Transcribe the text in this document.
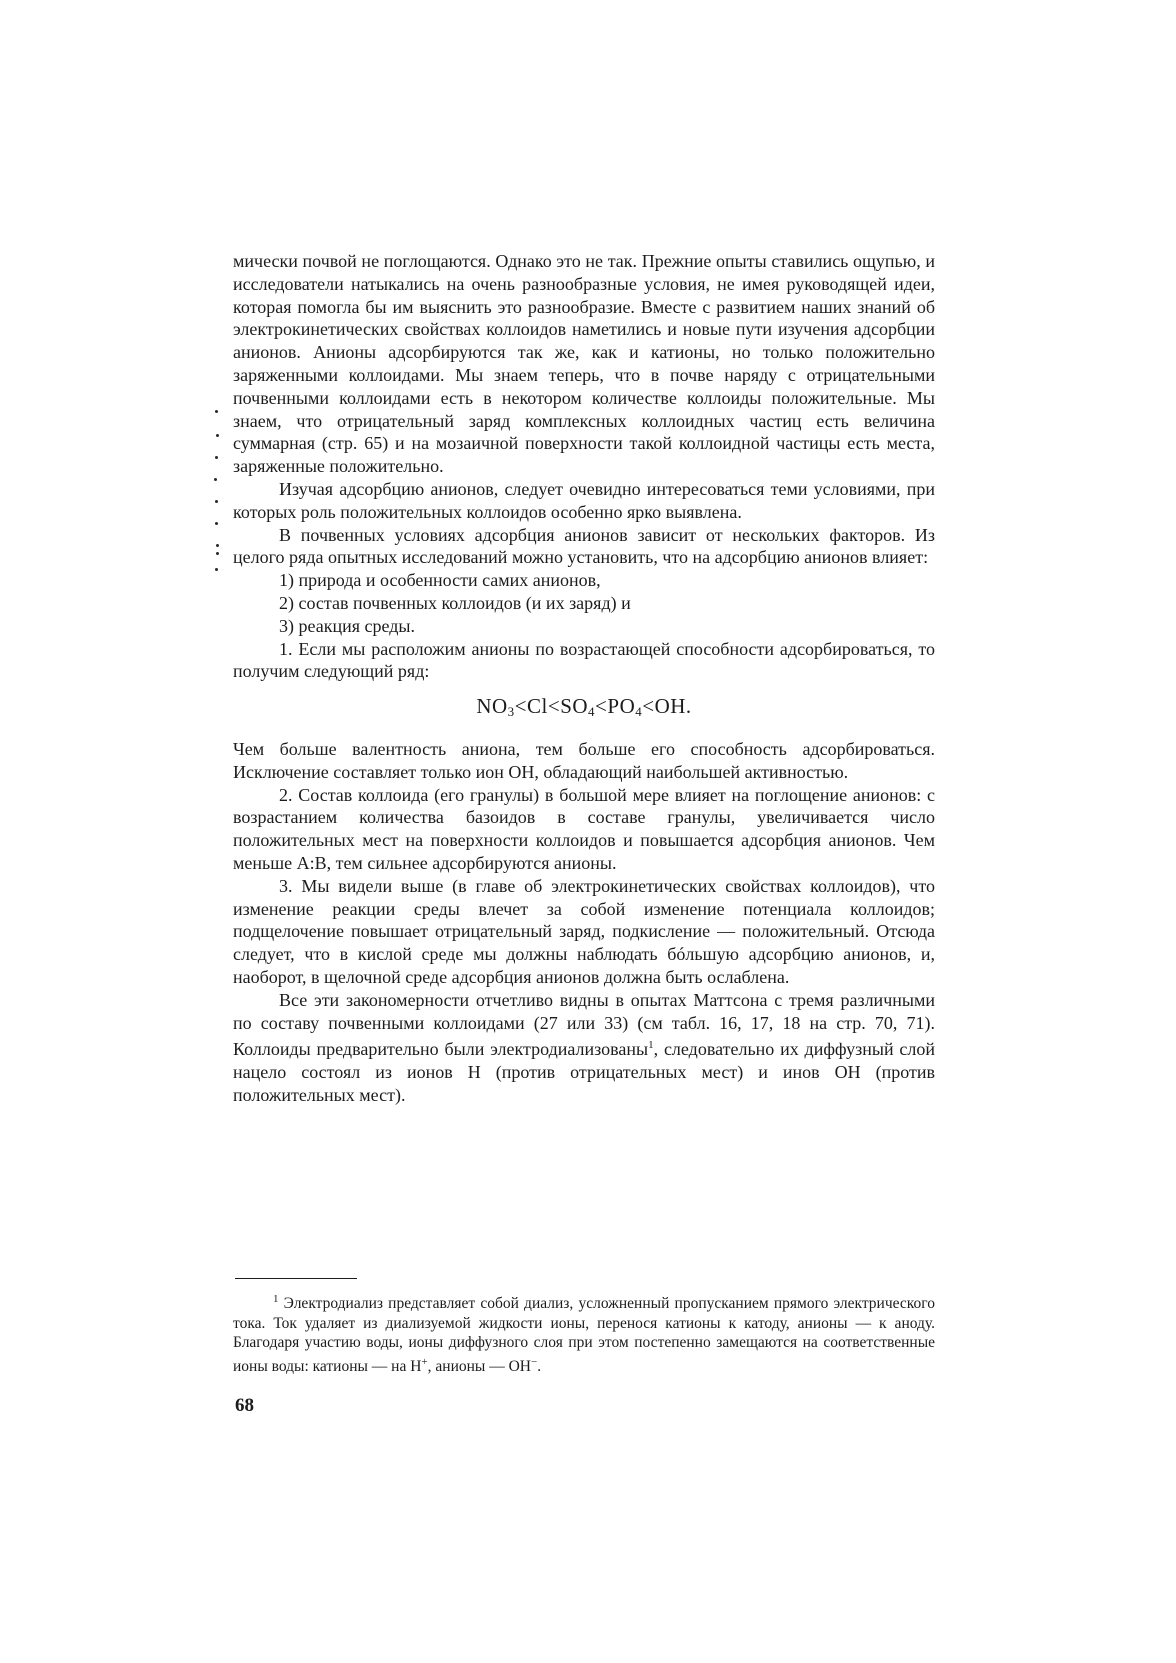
мически почвой не поглощаются. Однако это не так. Прежние опыты ставились ощупью, и исследователи натыкались на очень разнообразные условия, не имея руководящей идеи, которая помогла бы им выяснить это разнообразие. Вместе с развитием наших знаний об электрокинетических свойствах коллоидов наметились и новые пути изучения адсорбции анионов. Анионы адсорбируются так же, как и катионы, но только положительно заряженными коллоидами. Мы знаем теперь, что в почве наряду с отрицательными почвенными коллоидами есть в некотором количестве коллоиды положительные. Мы знаем, что отрицательный заряд комплексных коллоидных частиц есть величина суммарная (стр. 65) и на мозаичной поверхности такой коллоидной частицы есть места, заряженные положительно.

Изучая адсорбцию анионов, следует очевидно интересоваться теми условиями, при которых роль положительных коллоидов особенно ярко выявлена.

В почвенных условиях адсорбция анионов зависит от нескольких факторов. Из целого ряда опытных исследований можно установить, что на адсорбцию анионов влияет:

1) природа и особенности самих анионов,

2) состав почвенных коллоидов (и их заряд) и

3) реакция среды.

1. Если мы расположим анионы по возрастающей способности адсорбироваться, то получим следующий ряд:

$NO_3<Cl<SO_4<PO_4<OH$.

Чем больше валентность аниона, тем больше его способность адсорбироваться. Исключение составляет только ион OH, обладающий наибольшей активностью.

2. Состав коллоида (его гранулы) в большой мере влияет на поглощение анионов: с возрастанием количества базоидов в составе гранулы, увеличивается число положительных мест на поверхности коллоидов и повышается адсорбция анионов. Чем меньше A:B, тем сильнее адсорбируются анионы.

3. Мы видели выше (в главе об электрокинетических свойствах коллоидов), что изменение реакции среды влечет за собой изменение потенциала коллоидов; подщелочение повышает отрицательный заряд, подкисление — положительный. Отсюда следует, что в кислой среде мы должны наблюдать бóльшую адсорбцию анионов, и, наоборот, в щелочной среде адсорбция анионов должна быть ослаблена.

Все эти закономерности отчетливо видны в опытах Маттсона с тремя различными по составу почвенными коллоидами (27 или 33) (см табл. 16, 17, 18 на стр. 70, 71). Коллоиды предварительно были электродиализованы$^1$, следовательно их диффузный слой нацело состоял из ионов H (против отрицательных мест) и инов OH (против положительных мест).

$^1$ Электродиализ представляет собой диализ, усложненный пропусканием прямого электрического тока. Ток удаляет из диализуемой жидкости ионы, перенося катионы к катоду, анионы — к аноду. Благодаря участию воды, ионы диффузного слоя при этом постепенно замещаются на соответственные ионы воды: катионы — на H+, анионы — OH−.

68
